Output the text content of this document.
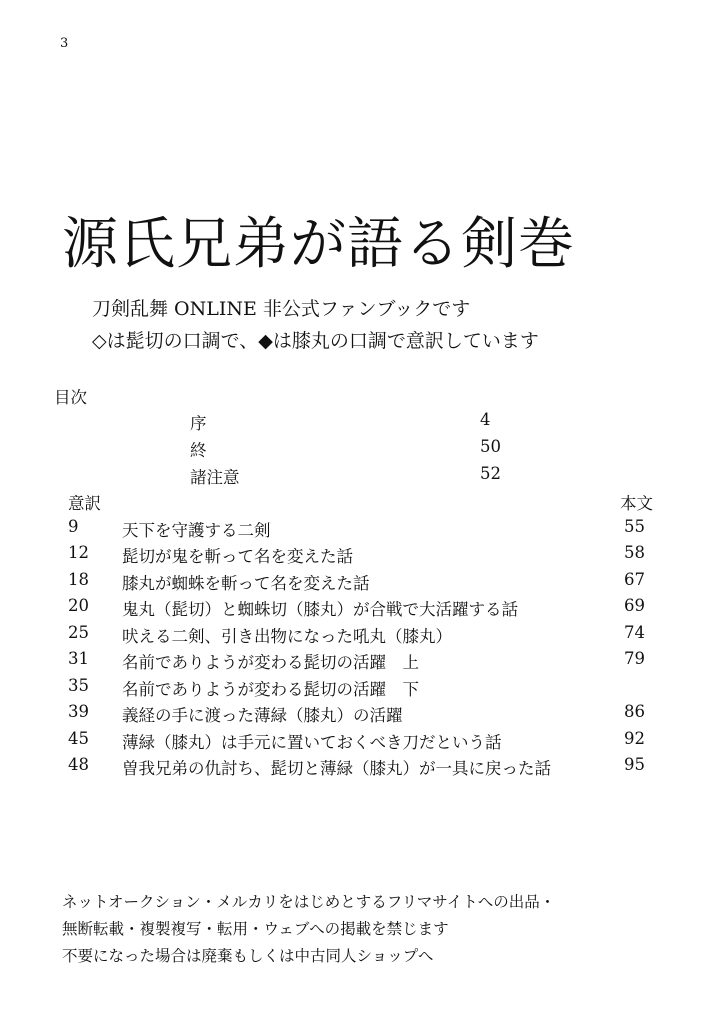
3
源氏兄弟が語る剣巻
刀剣乱舞 ONLINE 非公式ファンブックです
◇は髭切の口調で、◆は膝丸の口調で意訳しています
目次
序	4
終	50
諸注意	52
意訳	本文
9	天下を守護する二剣	55
12 髭切が鬼を斬って名を変えた話	58
18 膝丸が蜘蛛を斬って名を変えた話	67
20 鬼丸（髭切）と蜘蛛切（膝丸）が合戦で大活躍する話	69
25 吠える二剣、引き出物になった吼丸（膝丸）	74
31 名前でありようが変わる髭切の活躍　上	79
35 名前でありようが変わる髭切の活躍　下
39 義経の手に渡った薄緑（膝丸）の活躍	86
45 薄緑（膝丸）は手元に置いておくべき刀だという話	92
48 曽我兄弟の仇討ち、髭切と薄緑（膝丸）が一具に戻った話	95
ネットオークション・メルカリをはじめとするフリマサイトへの出品・
無断転載・複製複写・転用・ウェブへの掲載を禁じます
不要になった場合は廃棄もしくは中古同人ショップへ
